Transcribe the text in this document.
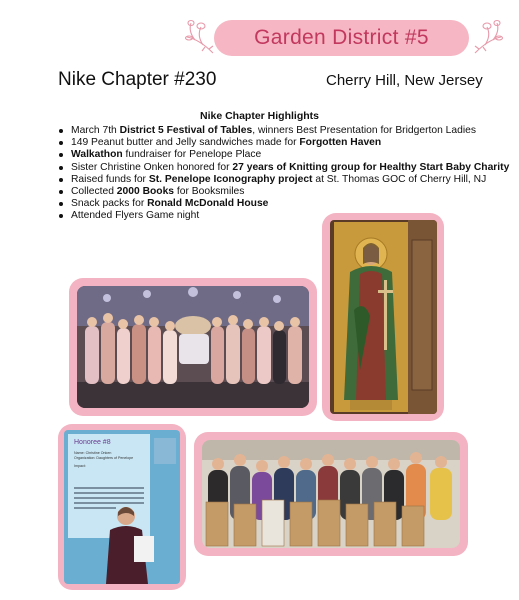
Garden District #5
Nike Chapter #230	Cherry Hill, New Jersey
Nike Chapter Highlights
March 7th District 5 Festival of Tables, winners Best Presentation for Bridgerton Ladies
149 Peanut butter and Jelly sandwiches made for Forgotten Haven
Walkathon fundraiser for Penelope Place
Sister Christine Onken honored for 27 years of Knitting group for Healthy Start Baby Charity
Raised funds for St. Penelope Iconography project at St. Thomas GOC of Cherry Hill, NJ
Collected 2000 Books for Booksmiles
Snack packs for Ronald McDonald House
Attended Flyers Game night
Honoree #8
Name: Christine Onken
Organization: Daughters of Penelope
Impact:
